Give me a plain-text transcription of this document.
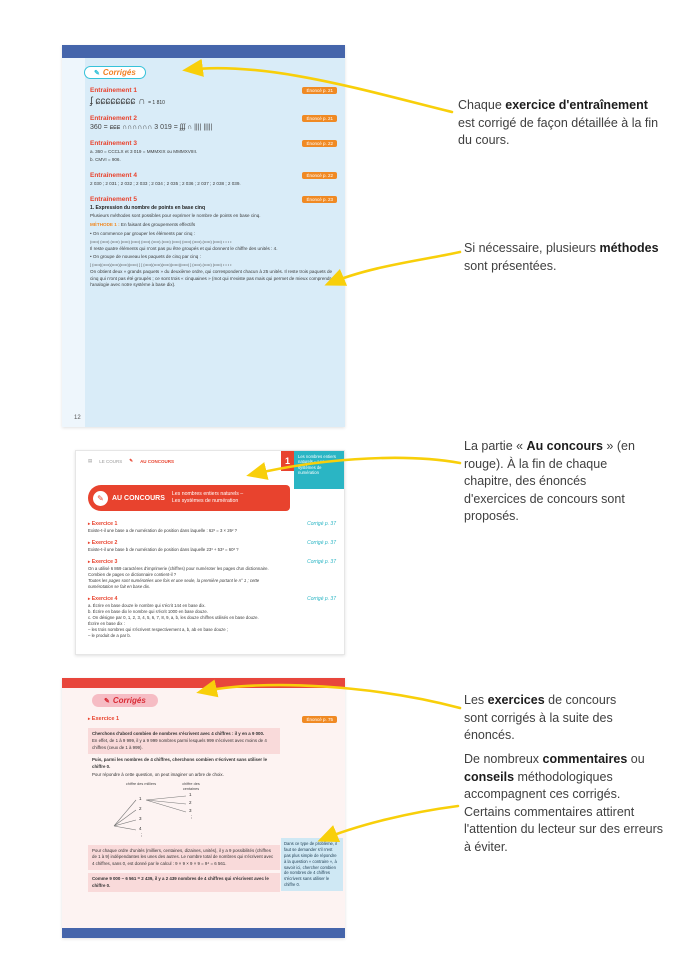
✎ Corrigés
Entraînement 1	Énoncé p. 21
ʄ ɕɕɕɕɕɕɕɕ ∩ = 1 810
Entraînement 2	Énoncé p. 21
360 = ɕɕɕ ∩∩∩∩∩∩ 3 019 = ʄʄʄ ∩ |||| |||||
Entraînement 3	Énoncé p. 22
a. 360 = CCCLX et 3 019 = MMMXIX ou MMMXVIIII.
b. CMVI = 906.
Entraînement 4	Énoncé p. 22
2 030 ; 2 031 ; 2 032 ; 2 033 ; 2 034 ; 2 035 ; 2 036 ; 2 037 ; 2 038 ; 2 039.
Entraînement 5	Énoncé p. 23
1. Expression du nombre de points en base cinq
Plusieurs méthodes sont possibles pour exprimer le nombre de points en base cinq.
MÉTHODE 1 : En faisant des groupements effectifs
• On commence par grouper les éléments par cinq :
(•••••) (•••••) (•••••) (•••••) (•••••) (•••••) (•••••) (•••••) (•••••) (•••••) (•••••) (•••••) (•••••) • • • •
Il reste quatre éléments qui n'ont pas pu être groupés et qui donnent le chiffre des unités : 4.
• On groupe de nouveau les paquets de cinq par cinq :
[ (•••••)(•••••)(•••••)(•••••)(•••••) ] [ (•••••)(•••••)(•••••)(•••••)(•••••) ] (•••••) (•••••) (•••••) • • • •
On obtient deux « grands paquets » du deuxième ordre, qui correspondent chacun à 25 unités. Il reste trois paquets de cinq qui n'ont pas été groupés ; ce sont trois « cinquaines » (mot qui n'existe pas mais qui permet de mieux comprendre l'analogie avec notre système à base dix).
12
▤ LE COURS ✎ AU CONCOURS	1	Les nombres entiers naturels – Les systèmes de numération
✎	AU CONCOURS
Les nombres entiers naturels –
Les systèmes de numération
▸ Exercice 1
Existe-t-il une base a de numération de position dans laquelle : 62² = 3 × 26² ?
Corrigé p. 37
▸ Exercice 2
Existe-t-il une base b de numération de position dans laquelle 23³ + 53³ = 60³ ?
Corrigé p. 37
▸ Exercice 3
On a utilisé 6 869 caractères d'imprimerie (chiffres) pour numéroter les pages d'un dictionnaire. Combien de pages ce dictionnaire contient-il ?
Toutes les pages sont numérotées une fois et une seule, la première portant le n° 1 ; cette numérotation se fait en base dix.
Corrigé p. 37
▸ Exercice 4
a. Écrire en base douze le nombre qui s'écrit 144 en base dix.
b. Écrire en base dix le nombre qui s'écrit 1000 en base douze.
c. On désigne par 0, 1, 2, 3, 4, 5, 6, 7, 8, 9, a, b, les douze chiffres utilisés en base douze. Écrire en base dix :
– les trois nombres qui s'écrivent respectivement a, b, ab en base douze ;
– le produit de a par b.
Corrigé p. 37
✎ Corrigés
▸ Exercice 1	Énoncé p. 75
Cherchons d'abord combien de nombres s'écrivent avec 4 chiffres : il y en a 9 000.
En effet, de 1 à 9 999, il y a 9 999 nombres parmi lesquels 999 s'écrivent avec moins de 4 chiffres (ceux de 1 à 999).
Puis, parmi les nombres de 4 chiffres, cherchons combien s'écrivent sans utiliser le chiffre 0.
Pour répondre à cette question, on peut imaginer un arbre de choix.
chiffre des milliers	chiffre des centaines
1
2
3
4
⋮
1
2
3
⋮
Pour chaque ordre d'unités (milliers, centaines, dizaines, unités), il y a 9 possibilités (chiffres de 1 à 9) indépendantes les unes des autres. Le nombre total de nombres qui s'écrivent avec 4 chiffres, sans 0, est donné par le calcul : 9 × 9 × 9 × 9 = 9⁴ = 6 561.
Comme 9 000 − 6 561 = 2 439, il y a 2 439 nombres de 4 chiffres qui s'écrivent avec le chiffre 0.
Dans ce type de problème, il faut se demander s'il n'est pas plus simple de répondre à la question « contraire », à savoir ici, chercher combien de nombres de 4 chiffres s'écrivent sans utiliser le chiffre 0.

Chaque exercice d'entraînement est corrigé de façon détaillée à la fin du cours.

Si nécessaire, plusieurs méthodes sont présentées.

La partie « Au concours » (en rouge). À la fin de chaque chapitre, des énoncés d'exercices de concours sont proposés.

Les exercices de concours sont corrigés à la suite des énoncés.

De nombreux commentaires ou conseils méthodologiques accompagnent ces corrigés. Certains commentaires attirent l'attention du lecteur sur des erreurs à éviter.
